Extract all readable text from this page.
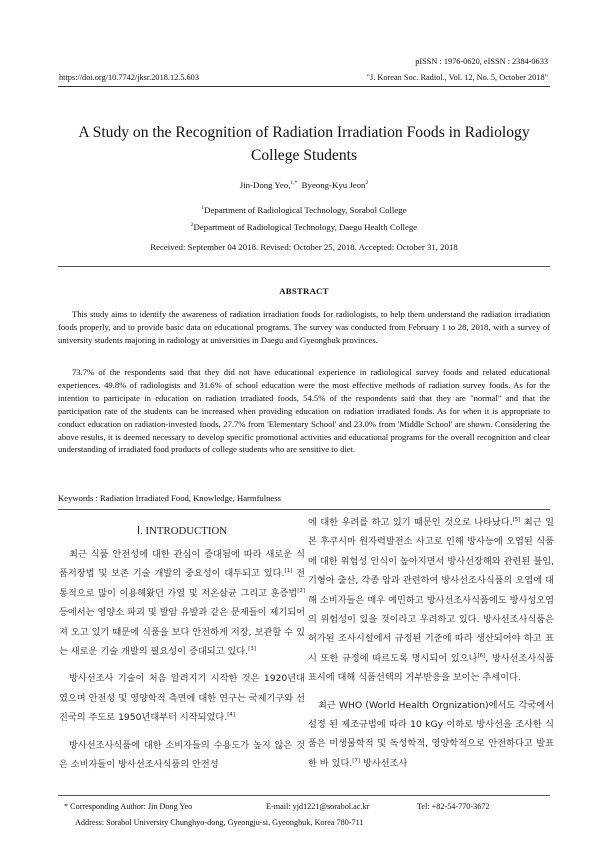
pISSN : 1976-0620, eISSN : 2384-0633
https://doi.org/10.7742/jksr.2018.12.5.603	"J. Korean Soc. Radiol., Vol. 12, No. 5, October 2018"
A Study on the Recognition of Radiation Irradiation Foods in Radiology College Students
Jin-Dong Yeo,$^{1,*}$ Byeong-Kyu Jeon$^2$
$^1$Department of Radiological Technology, Sorabol College
$^2$Department of Radiological Technology, Daegu Health College
Received: September 04 2018. Revised: October 25, 2018. Accepted: October 31, 2018
ABSTRACT

This study aims to identify the awareness of radiation irradiation foods for radiologists, to help them understand the radiation irradiation foods properly, and to provide basic data on educational programs. The survey was conducted from February 1 to 28, 2018, with a survey of university students majoring in radiology at universities in Daegu and Gyeongbuk provinces.

73.7% of the respondents said that they did not have educational experience in radiological survey foods and related educational experiences. 49.8% of radiologists and 31.6% of school education were the most effective methods of radiation survey foods. As for the intention to participate in education on radiation irradiated foods, 54.5% of the respondents said that they are "normal" and that the participation rate of the students can be increased when providing education on radiation irradiated foods. As for when it is appropriate to conduct education on radiation-invested foods, 27.7% from 'Elementary School' and 23.0% from 'Middle School' are shown. Considering the above results, it is deemed necessary to develop specific promotional activities and educational programs for the overall recognition and clear understanding of irradiated food products of college students who are sensitive to diet.

Keywords : Radiation Irradiated Food, Knowledge, Harmfulness
Ⅰ. INTRODUCTION

최근 식품 안전성에 대한 관심이 증대됨에 따라 새로운 식품저장법 및 보존 기술 개발의 중요성이 대두되고 있다.[1] 전통적으로 많이 이용해왔던 가열 및 저온살균 그리고 훈증법[2]등에서는 영양소 파괴 및 발암 유발과 같은 문제들이 제기되어져 오고 있기 때문에 식품을 보다 안전하게 저장, 보관할 수 있는 새로운 기술 개발의 필요성이 증대되고 있다.[3]

방사선조사 기술이 처음 알려지기 시작한 것은 1920년대였으며 안전성 및 영양학적 측면에 대한 연구는 국제기구와 선진국의 주도로 1950년대부터 시작되었다.[4]

방사선조사식품에 대한 소비자들의 수용도가 높지 않은 것은 소비자들이 방사선조사식품의 안전성

에 대한 우려를 하고 있기 때문인 것으로 나타났다.[5] 최근 일본 후쿠시마 원자력발전소 사고로 인해 방사능에 오염된 식품에 대한 위험성 인식이 높아지면서 방사선장해와 관련된 불임, 기형아 출산, 각종 암과 관련하여 방사선조사식품의 오염에 대해 소비자들은 매우 예민하고 방사선조사식품에도 방사성오염의 위험성이 있을 것이라고 우려하고 있다. 방사선조사식품은 허가된 조사시설에서 규정된 기준에 따라 생산되어야 하고 표시 또한 규정에 따르도록 명시되어 있으나[6], 방사선조사식품 표시에 대해 식품선택의 거부반응을 보이는 추세이다.

최근 WHO (World Health Orgnization)에서도 각국에서 설정 된 제조규범에 따라 10 kGy 이하로 방사선을 조사한 식품은 미생물학적 및 독성학적, 영양학적으로 안전하다고 발표한 바 있다.[7] 방사선조사

* Corresponding Author: Jin Dong Yeo	E-mail: yjd1221@sorabol.ac.kr	Tel: +82-54-770-3672
Address: Sorabol University Chunghyo-dong, Gyeongju-si, Gyeongbuk, Korea 780-711
